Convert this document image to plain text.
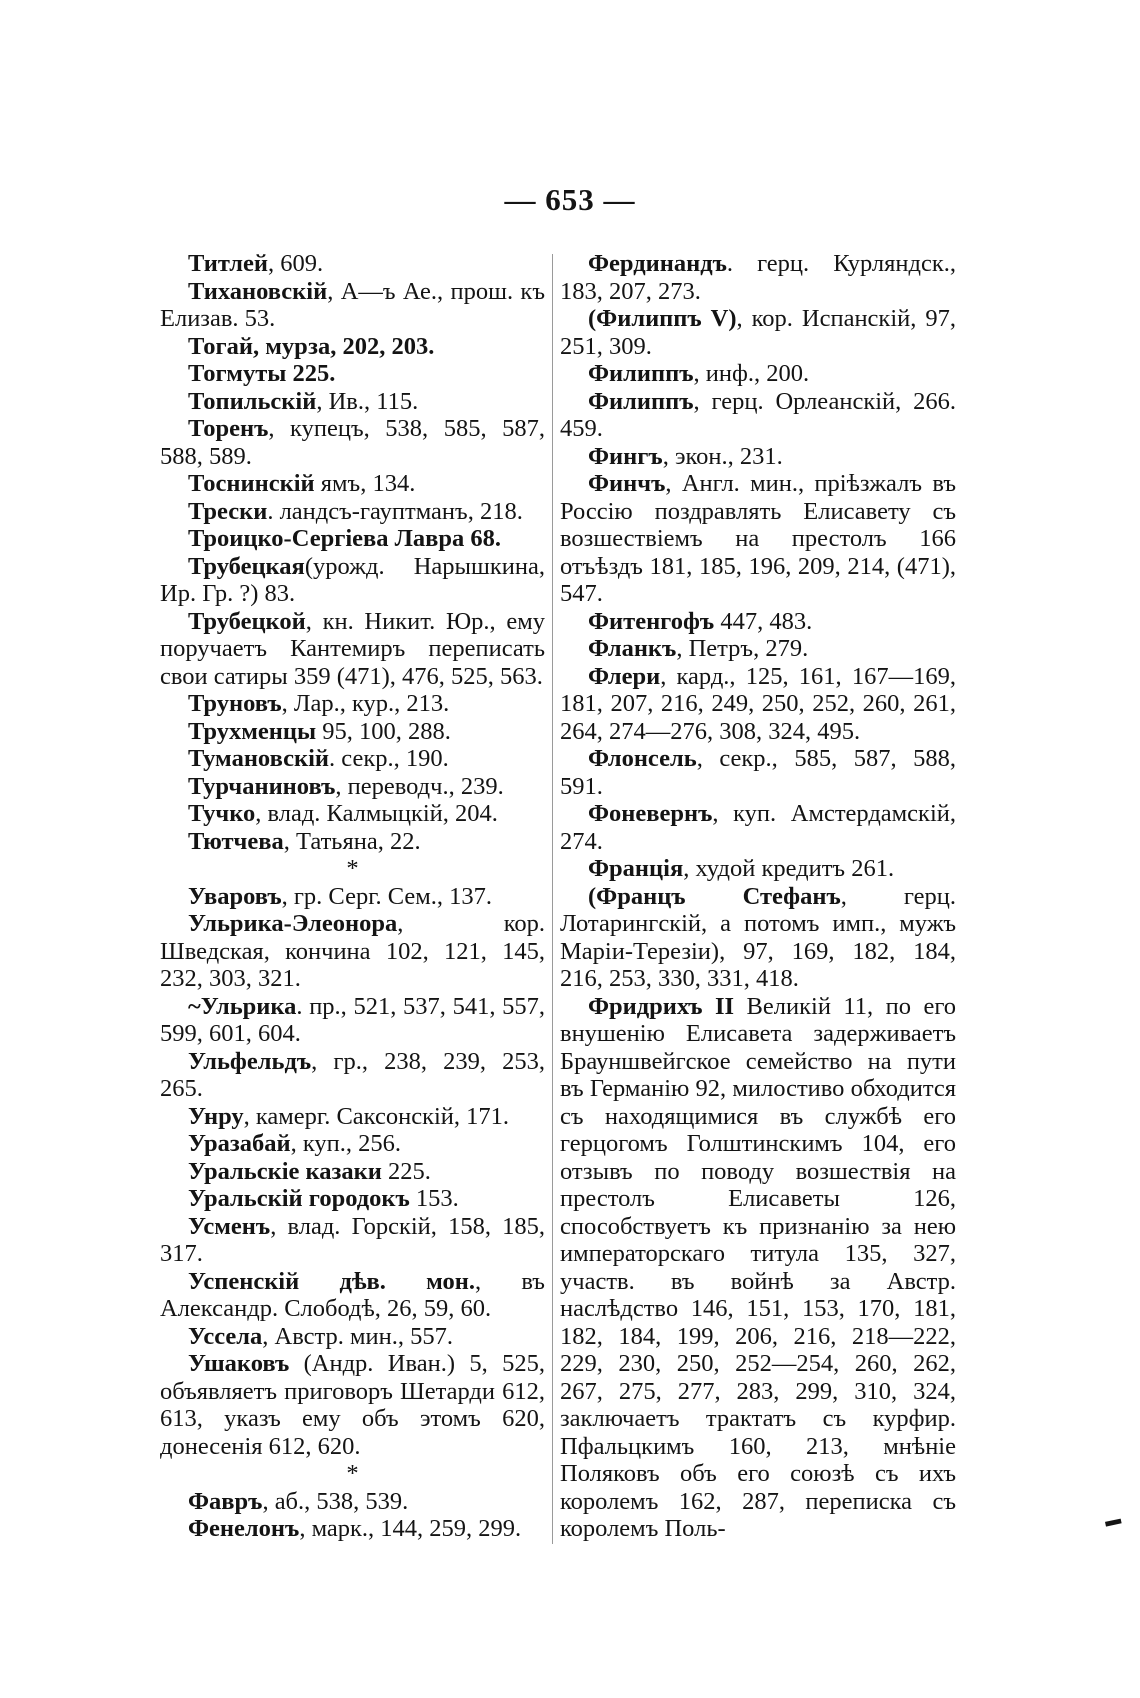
— 653 —
Титлей, 609.
Тихановскій, А—ъ Ае., прош. къ Елизав. 53.
Тогай, мурза, 202, 203.
Тогмуты 225.
Топильскій, Ив., 115.
Торенъ, купецъ, 538, 585, 587, 588, 589.
Тоснинскій ямъ, 134.
Трески. ландсъ-гауптманъ, 218.
Троицко-Сергіева Лавра 68.
Трубецкая(урожд. Нарышкина, Ир. Гр. ?) 83.
Трубецкой, кн. Никит. Юр., ему поручаетъ Кантемиръ переписать свои сатиры 359 (471), 476, 525, 563.
Труновъ, Лар., кур., 213.
Трухменцы 95, 100, 288.
Тумановскій. секр., 190.
Турчаниновъ, переводч., 239.
Тучко, влад. Калмыцкій, 204.
Тютчева, Татьяна, 22.
*
Уваровъ, гр. Серг. Сем., 137.
Ульрика-Элеонора, кор. Шведская, кончина 102, 121, 145, 232, 303, 321.
~Ульрика. пр., 521, 537, 541, 557, 599, 601, 604.
Ульфельдъ, гр., 238, 239, 253, 265.
Унру, камерг. Саксонскій, 171.
Уразабай, куп., 256.
Уральскіе казаки 225.
Уральскій городокъ 153.
Усменъ, влад. Горскій, 158, 185, 317.
Успенскій дѣв. мон., въ Александр. Слободѣ, 26, 59, 60.
Уссела, Австр. мин., 557.
Ушаковъ (Андр. Иван.) 5, 525, объявляетъ приговоръ Шетарди 612, 613, указъ ему объ этомъ 620, донесенія 612, 620.
*
Фавръ, аб., 538, 539.
Фенелонъ, марк., 144, 259, 299.
Фердинандъ. герц. Курляндск., 183, 207, 273.
(Филиппъ V), кор. Испанскій, 97, 251, 309.
Филиппъ, инф., 200.
Филиппъ, герц. Орлеанскій, 266. 459.
Фингъ, экон., 231.
Финчъ, Англ. мин., пріѣзжалъ въ Россію поздравлять Елисавету съ возшествіемъ на престолъ 166 отъѣздъ 181, 185, 196, 209, 214, (471), 547.
Фитенгофъ 447, 483.
Фланкъ, Петръ, 279.
Флери, кард., 125, 161, 167—169, 181, 207, 216, 249, 250, 252, 260, 261, 264, 274—276, 308, 324, 495.
Флонсель, секр., 585, 587, 588, 591.
Фоневернъ, куп. Амстердамскій, 274.
Франція, худой кредитъ 261.
(Францъ Стефанъ, герц. Лотарингскій, а потомъ имп., мужъ Маріи-Терезіи), 97, 169, 182, 184, 216, 253, 330, 331, 418.
Фридрихъ II Великій 11, по его внушенію Елисавета задерживаетъ Брауншвейгское семейство на пути въ Германію 92, милостиво обходится съ находящимися въ службѣ его герцогомъ Голштинскимъ 104, его отзывъ по поводу возшествія на престолъ Елисаветы 126, способствуетъ къ признанію за нею императорскаго титула 135, 327, участв. въ войнѣ за Австр. наслѣдство 146, 151, 153, 170, 181, 182, 184, 199, 206, 216, 218—222, 229, 230, 250, 252—254, 260, 262, 267, 275, 277, 283, 299, 310, 324, заключаетъ трактатъ съ курфир. Пфальцкимъ 160, 213, мнѣніе Поляковъ объ его союзѣ съ ихъ королемъ 162, 287, переписка съ королемъ Поль-	▬
